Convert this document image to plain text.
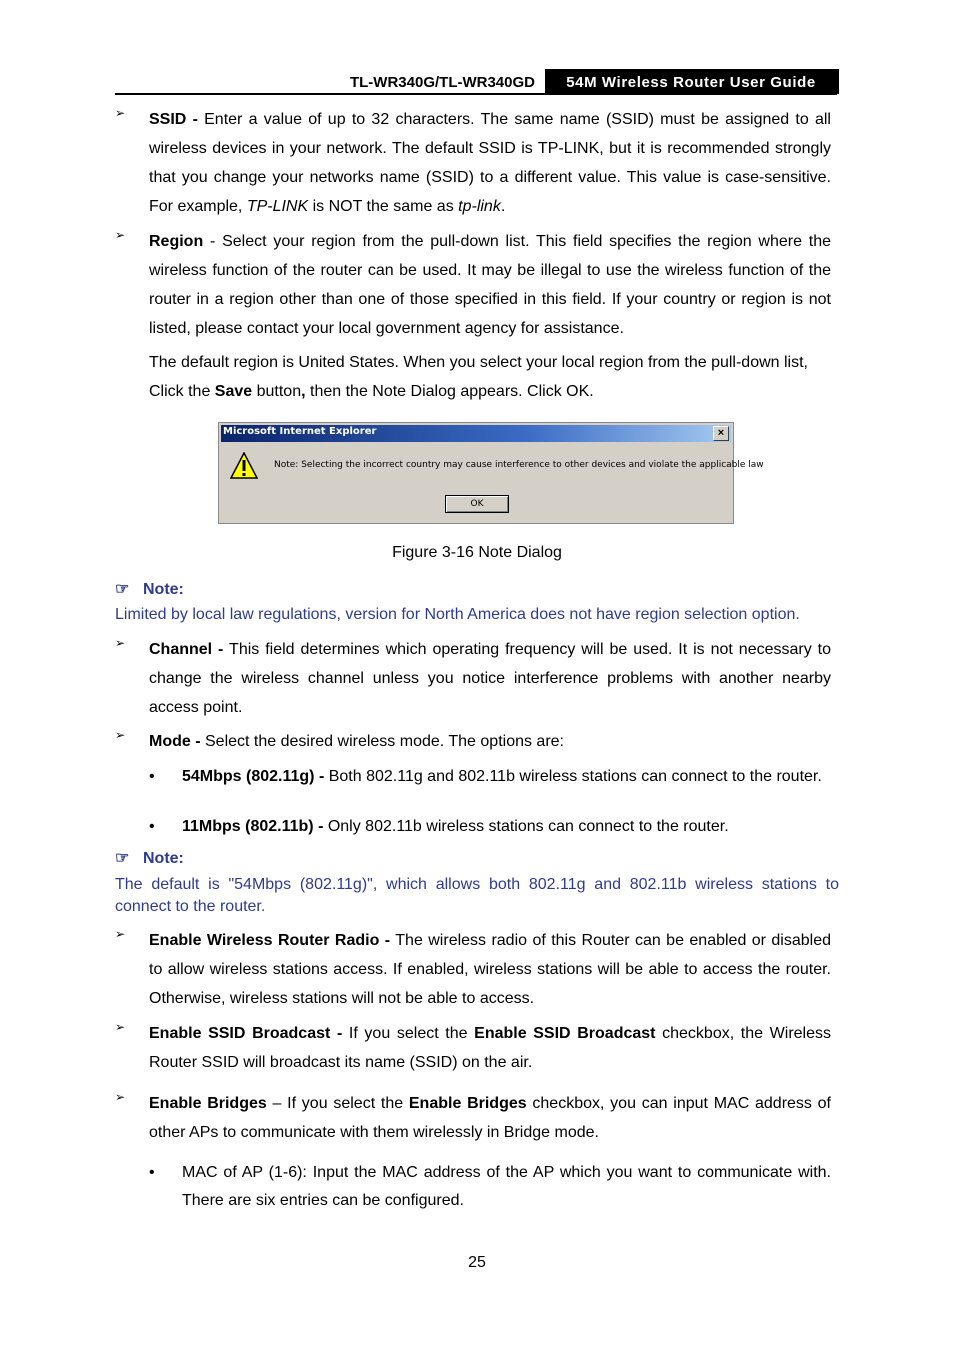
TL-WR340G/TL-WR340GD	54M Wireless Router User Guide
➢ SSID - Enter a value of up to 32 characters. The same name (SSID) must be assigned to all wireless devices in your network. The default SSID is TP-LINK, but it is recommended strongly that you change your networks name (SSID) to a different value. This value is case-sensitive. For example, TP-LINK is NOT the same as tp-link.
➢ Region - Select your region from the pull-down list. This field specifies the region where the wireless function of the router can be used. It may be illegal to use the wireless function of the router in a region other than one of those specified in this field. If your country or region is not listed, please contact your local government agency for assistance.
The default region is United States. When you select your local region from the pull-down list, Click the Save button, then the Note Dialog appears. Click OK.
Microsoft Internet Explorer	×
Note: Selecting the incorrect country may cause interference to other devices and violate the applicable law
OK
Figure 3-16 Note Dialog
☞ Note:
Limited by local law regulations, version for North America does not have region selection option.
➢ Channel - This field determines which operating frequency will be used. It is not necessary to change the wireless channel unless you notice interference problems with another nearby access point.
➢ Mode - Select the desired wireless mode. The options are:
• 54Mbps (802.11g) - Both 802.11g and 802.11b wireless stations can connect to the router.
• 11Mbps (802.11b) - Only 802.11b wireless stations can connect to the router.
☞ Note:
The default is "54Mbps (802.11g)", which allows both 802.11g and 802.11b wireless stations to connect to the router.
➢ Enable Wireless Router Radio - The wireless radio of this Router can be enabled or disabled to allow wireless stations access. If enabled, wireless stations will be able to access the router. Otherwise, wireless stations will not be able to access.
➢ Enable SSID Broadcast - If you select the Enable SSID Broadcast checkbox, the Wireless Router SSID will broadcast its name (SSID) on the air.
➢ Enable Bridges – If you select the Enable Bridges checkbox, you can input MAC address of other APs to communicate with them wirelessly in Bridge mode.
• MAC of AP (1-6): Input the MAC address of the AP which you want to communicate with. There are six entries can be configured.
25
